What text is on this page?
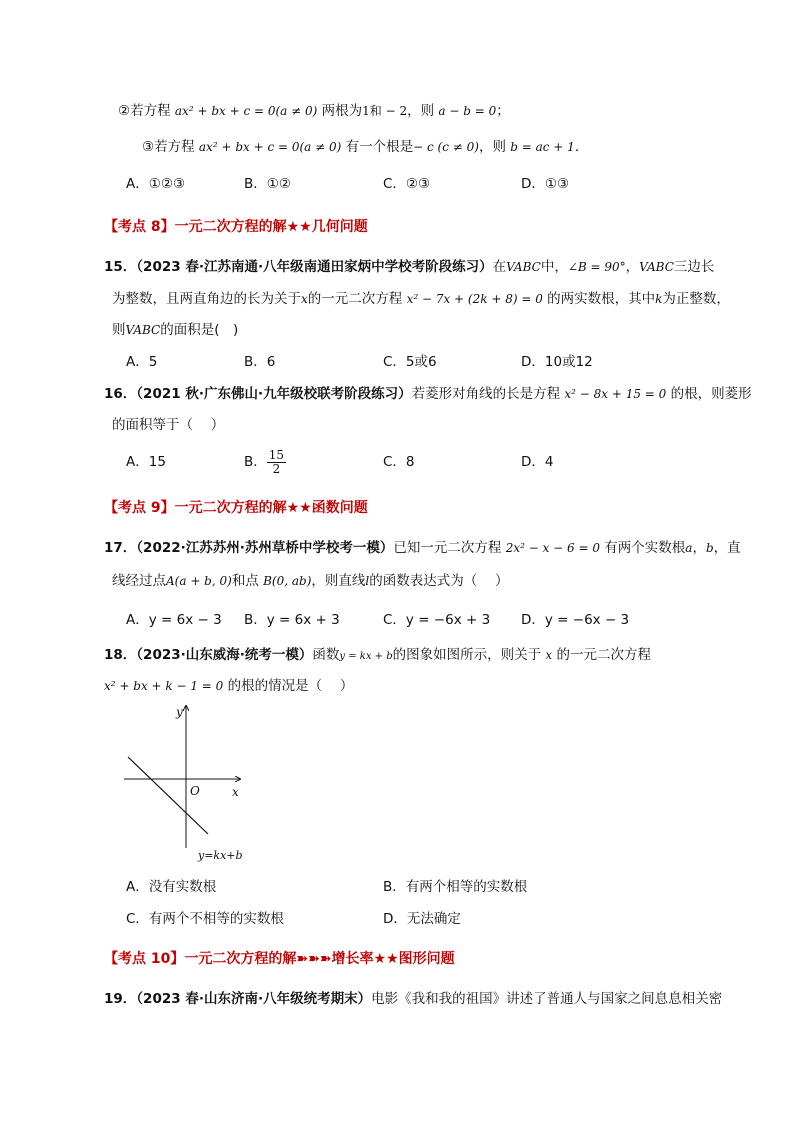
②若方程 ax² + bx + c = 0(a ≠ 0) 两根为1和 − 2，则 a − b = 0；
③若方程 ax² + bx + c = 0(a ≠ 0) 有一个根是− c (c ≠ 0)，则 b = ac + 1．
A．①②③	B．①②	C．②③	D．①③
【考点 8】一元二次方程的解★★几何问题
15．（2023 春·江苏南通·八年级南通田家炳中学校考阶段练习）在VABC中，∠B = 90°，VABC三边长
为整数，且两直角边的长为关于x的一元二次方程 x² − 7x + (2k + 8) = 0 的两实数根，其中k为正整数，
则VABC的面积是(　)
A．5	B．6	C．5或6	D．10或12
16．（2021 秋·广东佛山·九年级校联考阶段练习）若菱形对角线的长是方程 x² − 8x + 15 = 0 的根，则菱形
的面积等于（　 ）
A．15	B． $\frac{15}{2}$	C．8	D．4
【考点 9】一元二次方程的解★★函数问题
17．（2022·江苏苏州·苏州草桥中学校考一模）已知一元二次方程 2x² − x − 6 = 0 有两个实数根a，b，直
线经过点A(a + b, 0)和点 B(0, ab)，则直线l的函数表达式为（　 ）
A．y = 6x − 3 B．y = 6x + 3	C．y = −6x + 3 D．y = −6x − 3
18．（2023·山东威海·统考一模）函数y = kx + b的图象如图所示，则关于 x 的一元二次方程
x² + bx + k − 1 = 0 的根的情况是（　 ）
y
x
O
y=kx+b
A．没有实数根	B．有两个相等的实数根
C．有两个不相等的实数根	D．无法确定
【考点 10】一元二次方程的解➽➽➽增长率★★图形问题
19．（2023 春·山东济南·八年级统考期末）电影《我和我的祖国》讲述了普通人与国家之间息息相关密
